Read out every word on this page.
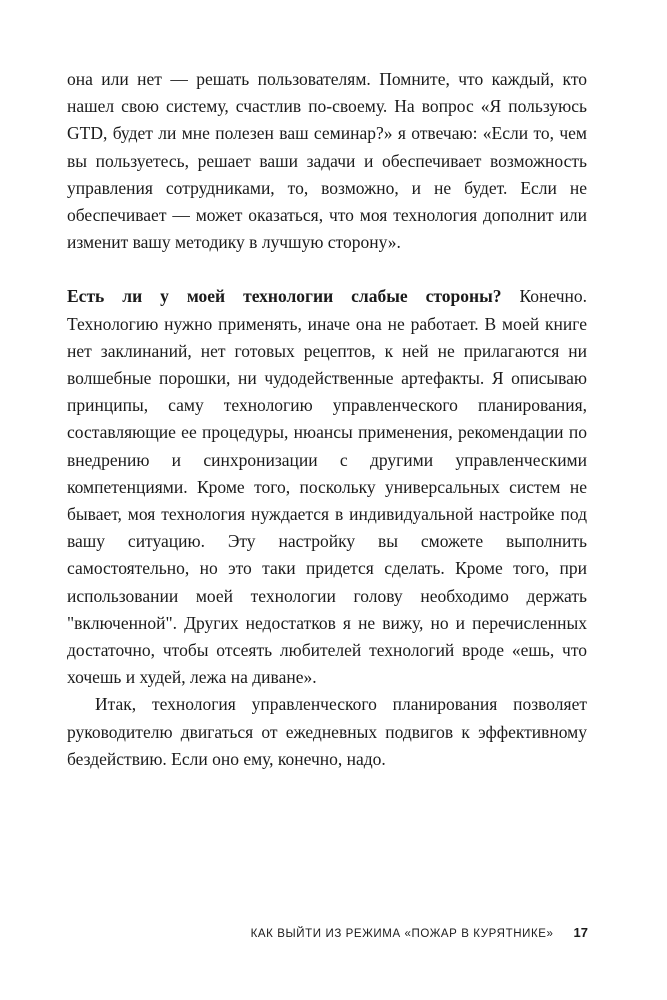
она или нет — решать пользователям. Помните, что каждый, кто нашел свою систему, счастлив по-своему. На вопрос «Я пользуюсь GTD, будет ли мне полезен ваш семинар?» я отвечаю: «Если то, чем вы пользуетесь, решает ваши задачи и обеспечивает возможность управления сотрудниками, то, возможно, и не будет. Если не обеспечивает — может оказаться, что моя технология дополнит или изменит вашу методику в лучшую сторону».

Есть ли у моей технологии слабые стороны? Конечно. Технологию нужно применять, иначе она не работает. В моей книге нет заклинаний, нет готовых рецептов, к ней не прилагаются ни волшебные порошки, ни чудодейственные артефакты. Я описываю принципы, саму технологию управленческого планирования, составляющие ее процедуры, нюансы применения, рекомендации по внедрению и синхронизации с другими управленческими компетенциями. Кроме того, поскольку универсальных систем не бывает, моя технология нуждается в индивидуальной настройке под вашу ситуацию. Эту настройку вы сможете выполнить самостоятельно, но это таки придется сделать. Кроме того, при использовании моей технологии голову необходимо держать "включенной". Других недостатков я не вижу, но и перечисленных достаточно, чтобы отсеять любителей технологий вроде «ешь, что хочешь и худей, лежа на диване».

Итак, технология управленческого планирования позволяет руководителю двигаться от ежедневных подвигов к эффективному бездействию. Если оно ему, конечно, надо.

КАК ВЫЙТИ ИЗ РЕЖИМА «ПОЖАР В КУРЯТНИКЕ» 17
